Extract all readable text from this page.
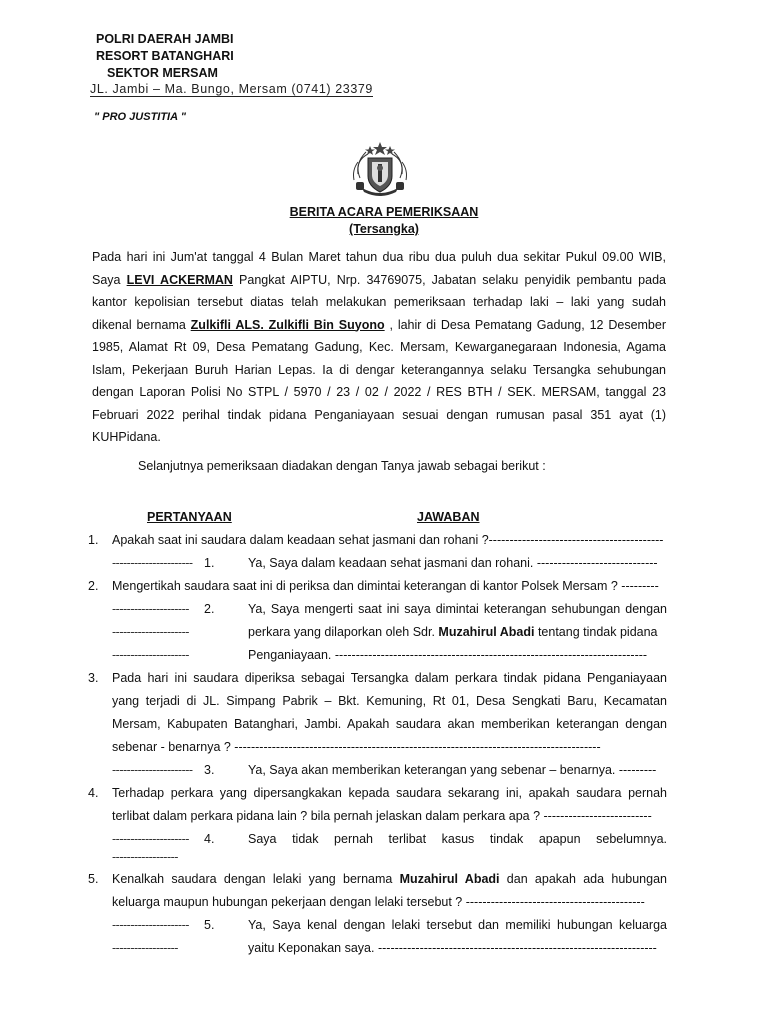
POLRI DAERAH JAMBI
RESORT BATANGHARI
SEKTOR MERSAM
JL. Jambi – Ma. Bungo, Mersam (0741) 23379
" PRO JUSTITIA "
BERITA ACARA PEMERIKSAAN
(Tersangka)
Pada hari ini Jum'at tanggal 4 Bulan Maret tahun dua ribu dua puluh dua sekitar Pukul 09.00 WIB,
Saya LEVI ACKERMAN Pangkat AIPTU, Nrp. 34769075, Jabatan selaku penyidik pembantu pada
kantor kepolisian tersebut diatas telah melakukan pemeriksaan terhadap laki – laki yang sudah
dikenal bernama Zulkifli ALS. Zulkifli Bin Suyono , lahir di Desa Pematang Gadung, 12 Desember
1985, Alamat Rt 09, Desa Pematang Gadung, Kec. Mersam, Kewarganegaraan Indonesia, Agama
Islam, Pekerjaan Buruh Harian Lepas. Ia di dengar keterangannya selaku Tersangka sehubungan
dengan Laporan Polisi No STPL / 5970 / 23 / 02 / 2022 / RES BTH / SEK. MERSAM, tanggal 23
Februari 2022 perihal tindak pidana Penganiayaan sesuai dengan rumusan pasal 351 ayat (1)
KUHPidana.
Selanjutnya pemeriksaan diadakan dengan Tanya jawab sebagai berikut :
PERTANYAAN	JAWABAN
1. Apakah saat ini saudara dalam keadaan sehat jasmani dan rohani ?------------------------------------------
---------------------- 1.	Ya, Saya dalam keadaan sehat jasmani dan rohani. -----------------------------
2. Mengertikah saudara saat ini di periksa dan dimintai keterangan di kantor Polsek Mersam ? ---------
--------------------- 2.	Ya, Saya mengerti saat ini saya dimintai keterangan sehubungan dengan
---------------------	perkara yang dilaporkan oleh Sdr. Muzahirul Abadi tentang tindak pidana
---------------------	Penganiayaan. ---------------------------------------------------------------------------
3. Pada hari ini saudara diperiksa sebagai Tersangka dalam perkara tindak pidana Penganiayaan
yang terjadi di JL. Simpang Pabrik – Bkt. Kemuning, Rt 01, Desa Sengkati Baru, Kecamatan
Mersam, Kabupaten Batanghari, Jambi. Apakah saudara akan memberikan keterangan dengan
sebenar - benarnya ? ----------------------------------------------------------------------------------------
---------------------- 3.	Ya, Saya akan memberikan keterangan yang sebenar – benarnya. ---------
4. Terhadap perkara yang dipersangkakan kepada saudara sekarang ini, apakah saudara pernah
terlibat dalam perkara pidana lain ? bila pernah jelaskan dalam perkara apa ? --------------------------
--------------------- 4.	Saya tidak pernah terlibat kasus tindak apapun sebelumnya.
------------------
5. Kenalkah saudara dengan lelaki yang bernama Muzahirul Abadi dan apakah ada hubungan
keluarga maupun hubungan pekerjaan dengan lelaki tersebut ? -------------------------------------------
--------------------- 5.	Ya, Saya kenal dengan lelaki tersebut dan memiliki hubungan keluarga
------------------	yaitu Keponakan saya. -------------------------------------------------------------------
